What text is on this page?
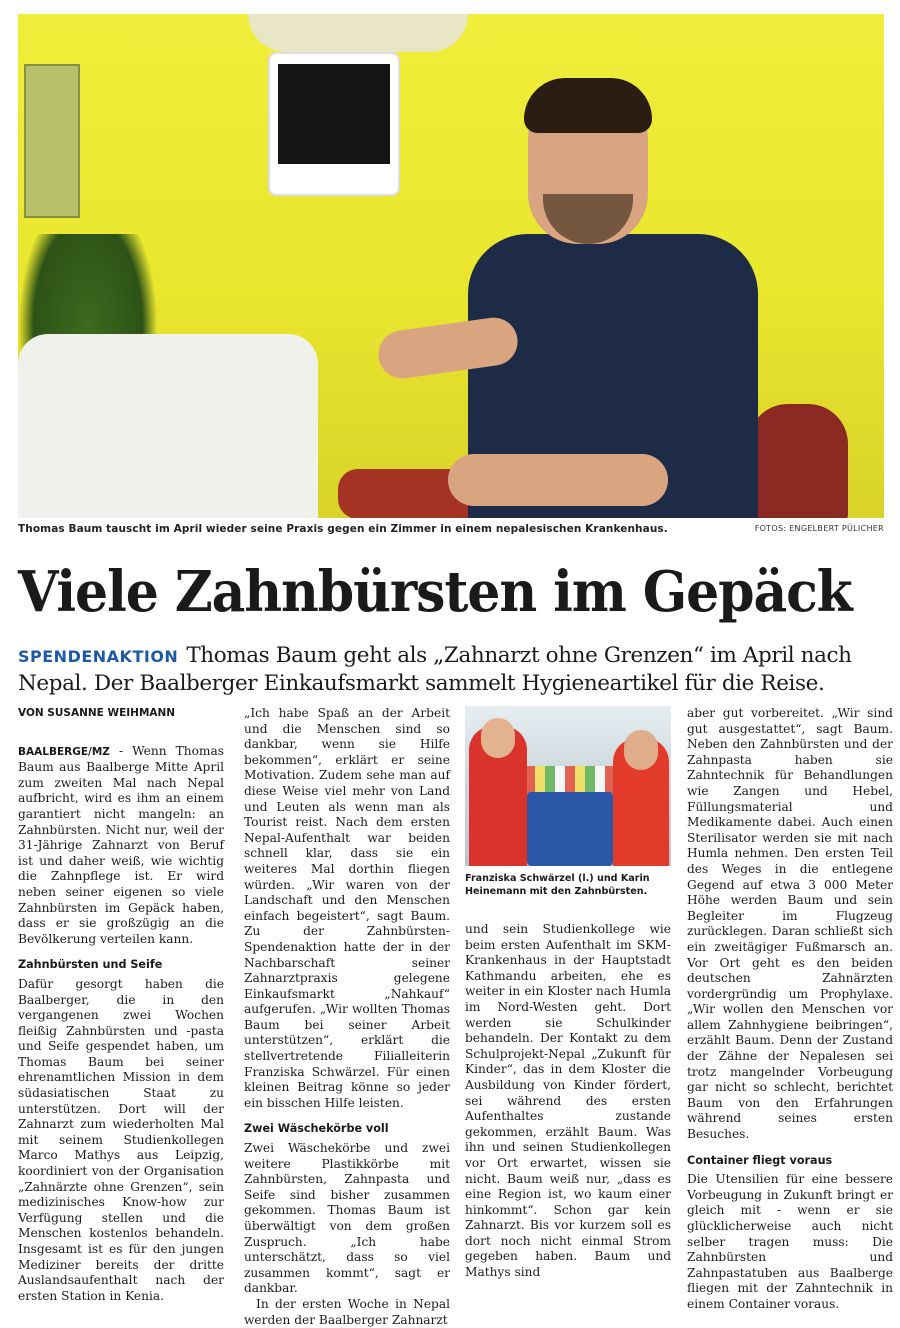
Thomas Baum tauscht im April wieder seine Praxis gegen ein Zimmer in einem nepalesischen Krankenhaus.	FOTOS: ENGELBERT PÜLICHER
Viele Zahnbürsten im Gepäck
SPENDENAKTION Thomas Baum geht als „Zahnarzt ohne Grenzen“ im April nach Nepal. Der Baalberger Einkaufsmarkt sammelt Hygieneartikel für die Reise.

VON SUSANNE WEIHMANN

BAALBERGE/MZ - Wenn Thomas Baum aus Baalberge Mitte April zum zweiten Mal nach Nepal aufbricht, wird es ihm an einem garantiert nicht mangeln: an Zahnbürsten. Nicht nur, weil der 31-Jährige Zahnarzt von Beruf ist und daher weiß, wie wichtig die Zahnpflege ist. Er wird neben seiner eigenen so viele Zahnbürsten im Gepäck haben, dass er sie großzügig an die Bevölkerung verteilen kann.

Zahnbürsten und Seife

Dafür gesorgt haben die Baalberger, die in den vergangenen zwei Wochen fleißig Zahnbürsten und -pasta und Seife gespendet haben, um Thomas Baum bei seiner ehrenamtlichen Mission in dem südasiatischen Staat zu unterstützen. Dort will der Zahnarzt zum wiederholten Mal mit seinem Studienkollegen Marco Mathys aus Leipzig, koordiniert von der Organisation „Zahnärzte ohne Grenzen“, sein medizinisches Know-how zur Verfügung stellen und die Menschen kostenlos behandeln. Insgesamt ist es für den jungen Mediziner bereits der dritte Auslandsaufenthalt nach der ersten Station in Kenia.

„Ich habe Spaß an der Arbeit und die Menschen sind so dankbar, wenn sie Hilfe bekommen“, erklärt er seine Motivation. Zudem sehe man auf diese Weise viel mehr von Land und Leuten als wenn man als Tourist reist. Nach dem ersten Nepal-Aufenthalt war beiden schnell klar, dass sie ein weiteres Mal dorthin fliegen würden. „Wir waren von der Landschaft und den Menschen einfach begeistert“, sagt Baum. Zu der Zahnbürsten-Spendenaktion hatte der in der Nachbarschaft seiner Zahnarztpraxis gelegene Einkaufsmarkt „Nahkauf“ aufgerufen. „Wir wollten Thomas Baum bei seiner Arbeit unterstützen“, erklärt die stellvertretende Filialleiterin Franziska Schwärzel. Für einen kleinen Beitrag könne so jeder ein bisschen Hilfe leisten.

Zwei Wäschekörbe voll

Zwei Wäschekörbe und zwei weitere Plastikkörbe mit Zahnbürsten, Zahnpasta und Seife sind bisher zusammen gekommen. Thomas Baum ist überwältigt von dem großen Zuspruch. „Ich habe unterschätzt, dass so viel zusammen kommt“, sagt er dankbar.

In der ersten Woche in Nepal werden der Baalberger Zahnarzt

Franziska Schwärzel (l.) und Karin Heinemann mit den Zahnbürsten.

und sein Studienkollege wie beim ersten Aufenthalt im SKM-Krankenhaus in der Hauptstadt Kathmandu arbeiten, ehe es weiter in ein Kloster nach Humla im Nord-Westen geht. Dort werden sie Schulkinder behandeln. Der Kontakt zu dem Schulprojekt-Nepal „Zukunft für Kinder“, das in dem Kloster die Ausbildung von Kinder fördert, sei während des ersten Aufenthaltes zustande gekommen, erzählt Baum. Was ihn und seinen Studienkollegen vor Ort erwartet, wissen sie nicht. Baum weiß nur, „dass es eine Region ist, wo kaum einer hinkommt“. Schon gar kein Zahnarzt. Bis vor kurzem soll es dort noch nicht einmal Strom gegeben haben. Baum und Mathys sind

aber gut vorbereitet. „Wir sind gut ausgestattet“, sagt Baum. Neben den Zahnbürsten und der Zahnpasta haben sie Zahntechnik für Behandlungen wie Zangen und Hebel, Füllungsmaterial und Medikamente dabei. Auch einen Sterilisator werden sie mit nach Humla nehmen. Den ersten Teil des Weges in die entlegene Gegend auf etwa 3 000 Meter Höhe werden Baum und sein Begleiter im Flugzeug zurücklegen. Daran schließt sich ein zweitägiger Fußmarsch an. Vor Ort geht es den beiden deutschen Zahnärzten vordergründig um Prophylaxe. „Wir wollen den Menschen vor allem Zahnhygiene beibringen“, erzählt Baum. Denn der Zustand der Zähne der Nepalesen sei trotz mangelnder Vorbeugung gar nicht so schlecht, berichtet Baum von den Erfahrungen während seines ersten Besuches.

Container fliegt voraus

Die Utensilien für eine bessere Vorbeugung in Zukunft bringt er gleich mit - wenn er sie glücklicherweise auch nicht selber tragen muss: Die Zahnbürsten und Zahnpastatuben aus Baalberge fliegen mit der Zahntechnik in einem Container voraus.
